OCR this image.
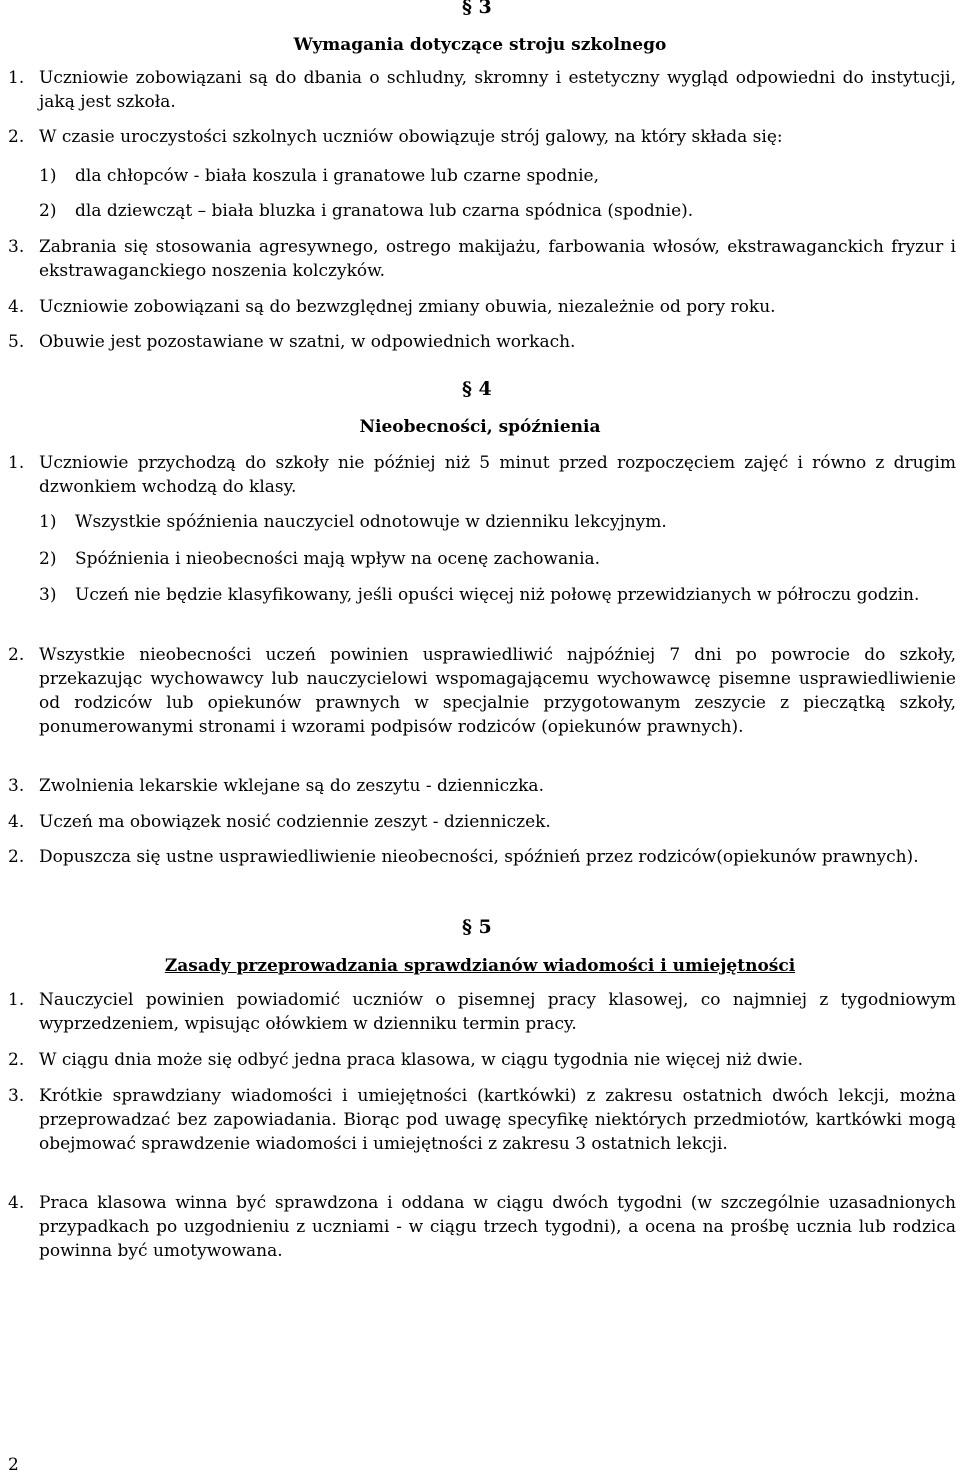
§ 3
Wymagania dotyczące stroju szkolnego
1. Uczniowie zobowiązani są do dbania o schludny, skromny i estetyczny wygląd odpowiedni do instytucji, jaką jest szkoła.
2. W czasie uroczystości szkolnych uczniów obowiązuje strój galowy, na który składa się:
1)	dla chłopców - biała koszula i granatowe lub czarne spodnie,
2)	dla dziewcząt – biała bluzka i granatowa lub czarna spódnica (spodnie).
3. Zabrania się stosowania agresywnego, ostrego makijażu, farbowania włosów, ekstrawaganckich fryzur i ekstrawaganckiego noszenia kolczyków.
4. Uczniowie zobowiązani są do bezwzględnej zmiany obuwia, niezależnie od pory roku.
5. Obuwie jest pozostawiane w szatni, w odpowiednich workach.
§ 4
Nieobecności, spóźnienia
1. Uczniowie przychodzą do szkoły nie później niż 5 minut przed rozpoczęciem zajęć i równo z drugim dzwonkiem wchodzą do klasy.
1)	Wszystkie spóźnienia nauczyciel odnotowuje w dzienniku lekcyjnym.
2)	Spóźnienia i nieobecności mają wpływ na ocenę zachowania.
3)	Uczeń nie będzie klasyfikowany, jeśli opuści więcej niż połowę przewidzianych w półroczu godzin.
2. Wszystkie nieobecności uczeń powinien usprawiedliwić najpóźniej 7 dni po powrocie do szkoły, przekazując wychowawcy lub nauczycielowi wspomagającemu wychowawcę pisemne usprawiedliwienie od rodziców lub opiekunów prawnych w specjalnie przygotowanym zeszycie z pieczątką szkoły, ponumerowanymi stronami i wzorami podpisów rodziców (opiekunów prawnych).
3. Zwolnienia lekarskie wklejane są do zeszytu - dzienniczka.
4. Uczeń ma obowiązek nosić codziennie zeszyt - dzienniczek.
2. Dopuszcza się ustne usprawiedliwienie nieobecności, spóźnień przez rodziców(opiekunów prawnych).
§ 5
Zasady przeprowadzania sprawdzianów wiadomości i umiejętności
1. Nauczyciel powinien powiadomić uczniów o pisemnej pracy klasowej, co najmniej z tygodniowym wyprzedzeniem, wpisując ołówkiem w dzienniku termin pracy.
2. W ciągu dnia może się odbyć jedna praca klasowa, w ciągu tygodnia nie więcej niż dwie.
3. Krótkie sprawdziany wiadomości i umiejętności (kartkówki) z zakresu ostatnich dwóch lekcji, można przeprowadzać bez zapowiadania. Biorąc pod uwagę specyfikę niektórych przedmiotów, kartkówki mogą obejmować sprawdzenie wiadomości i umiejętności z zakresu 3 ostatnich lekcji.
4. Praca klasowa winna być sprawdzona i oddana w ciągu dwóch tygodni (w szczególnie uzasadnionych przypadkach po uzgodnieniu z uczniami - w ciągu trzech tygodni), a ocena na prośbę ucznia lub rodzica powinna być umotywowana.
2
